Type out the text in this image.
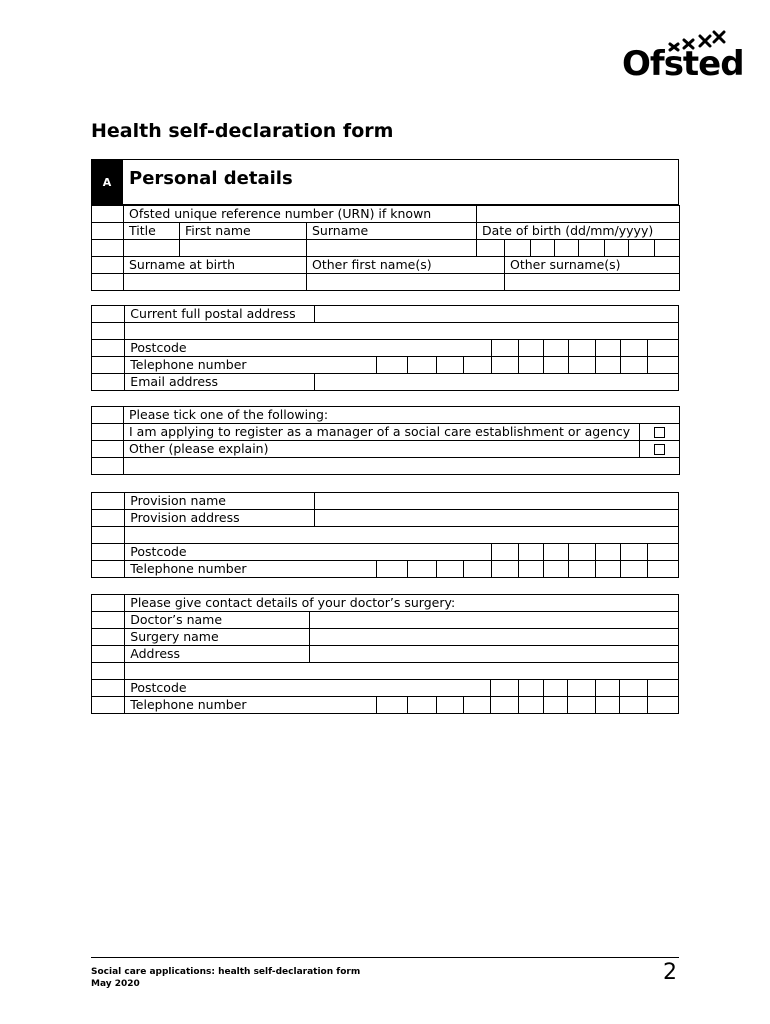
Ofsted
Health self-declaration form
A Personal details
	Ofsted unique reference number (URN) if known										
	Title	First name	Surname	Date of birth (dd/mm/yyyy)							

	Surname at birth		Other first name(s)		Other surname(s)						

	Current full postal address												

	Postcode												
	Telephone number												
	Email address												
	Please tick one of the following:	
	I am applying to register as a manager of a social care establishment or agency	
	Other (please explain)	

	Provision name												
	Provision address												

	Postcode												
	Telephone number												
	Please give contact details of your doctor’s surgery:												
	Doctor’s name												
	Surgery name												
	Address												

	Postcode												
	Telephone number												
Social care applications: health self-declaration form
May 2020	2
